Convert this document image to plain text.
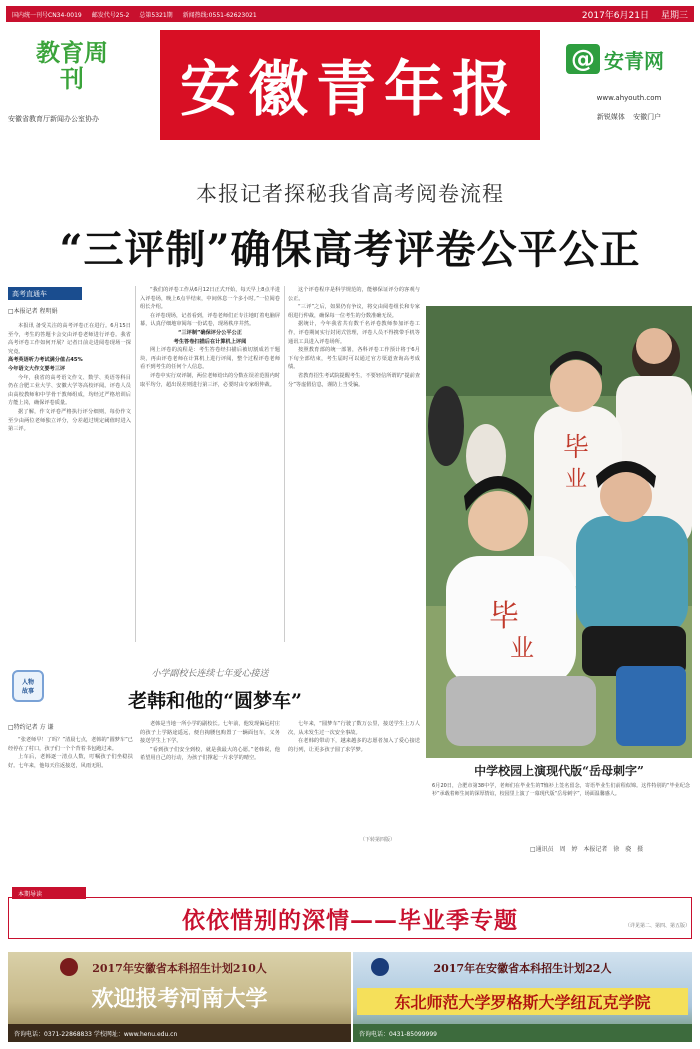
国内统一刊号CN34-0019 邮发代号25-2 总第5321期 新闻热线:0551-62623021	2017年6月21日 星期三
教育周刊
安徽省教育厅新闻办公室协办	安徽青年报	@ 安青网
www.ahyouth.com
新锐媒体 安徽门户
本报记者探秘我省高考阅卷流程
“三评制”确保高考评卷公平公正
高考直通车
□本报记者 程明娟

本报讯 备受关注的高考评卷正在进行。6月15日至今，考生的答题卡会交由评卷老师进行评卷。我省高考评卷工作如何开展？记者日前走进阅卷现场一探究竟。

高考英语听力考试满分值占45%

今年语文大作文要考三评

今年，我省的高考语文作文、数学、英语等科目仍在合肥工业大学、安徽大学等高校评阅。评卷人员由高校教师和中学骨干教师组成，均经过严格培训后方能上岗，确保评卷质量。

据了解，作文评卷严格执行评分细则，每份作文至少由两位老师独立评分，分差超过规定阈值时进入第三评。

“我们的评卷工作从6月12日正式开始，每天早上8点半进入评卷场，晚上6点半结束，中间休息一个多小时。”一位阅卷组长介绍。

在评卷现场，记者看到，评卷老师们正专注地盯着电脑屏幕，认真仔细地审阅每一份试卷，现场秩序井然。

“三评制”确保评分公平公正

考生答卷扫描后在计算机上评阅

网上评卷的流程是：考生答卷经扫描后被切割成若干题块，再由评卷老师在计算机上进行评阅，整个过程评卷老师看不到考生的任何个人信息。

评卷中实行双评制，两位老师给出的分数在误差范围内时取平均分，超出误差则进行第三评，必要时由专家组仲裁。

这个评卷程序是科学规范的，能够保证评分的客观与公正。

“三评”之后，如果仍有争议，将交由阅卷组长和专家组进行仲裁，确保每一位考生的分数准确无误。

据统计，今年我省共有数千名评卷教师参加评卷工作，评卷期间实行封闭式管理，评卷人员不得携带手机等通讯工具进入评卷场所。

按照教育部的统一部署，各科评卷工作预计将于6月下旬全部结束，考生届时可以通过官方渠道查询高考成绩。

省教育招生考试院提醒考生，不要轻信所谓的“提前查分”等虚假信息，谨防上当受骗。

毕
业
毕
业
中学校园上演现代版“岳母刺字”
6月20日，合肥市第38中学，老师们在毕业生的T恤衫上签名留念，寄语毕业生们前程似锦。这件特别的“毕业纪念衫”承载着师生间的深厚情谊，校园里上演了一幕现代版“岳母刺字”，场面温馨感人。
□通讯员 周 婷 本报记者 徐 骁 摄
人物
故事
小学副校长连续七年爱心接送
老韩和他的“圆梦车”
□特约记者 方 谦

“张老师早！了吗？”清晨七点，老韩的“圆梦车”已经停在了村口，孩子们一个个背着书包跑过来。

上车后，老韩逐一清点人数，叮嘱孩子们坐稳扶好。七年来，他每天往返接送，风雨无阻。

老韩是当地一所小学的副校长。七年前，他发现偏远村庄的孩子上学路途遥远，便自掏腰包购置了一辆面包车，义务接送学生上下学。

“看到孩子们安全到校，就是我最大的心愿。”老韩说，他希望用自己的行动，为孩子们撑起一片求学的晴空。

七年来，“圆梦车”行驶了数万公里，接送学生上万人次，从未发生过一次安全事故。

在老韩的带动下，越来越多的志愿者加入了爱心接送的行列，让更多孩子圆了求学梦。

（下转第四版）
依依惜别的深情——毕业季专题
本期导读
（详见第二、第四、第五版）
2017年安徽省本科招生计划210人
欢迎报考河南大学
咨询电话：0371-22868833 学校网址：www.henu.edu.cn
2017年在安徽省本科招生计划22人
东北师范大学罗格斯大学纽瓦克学院
咨询电话：0431-85099999
